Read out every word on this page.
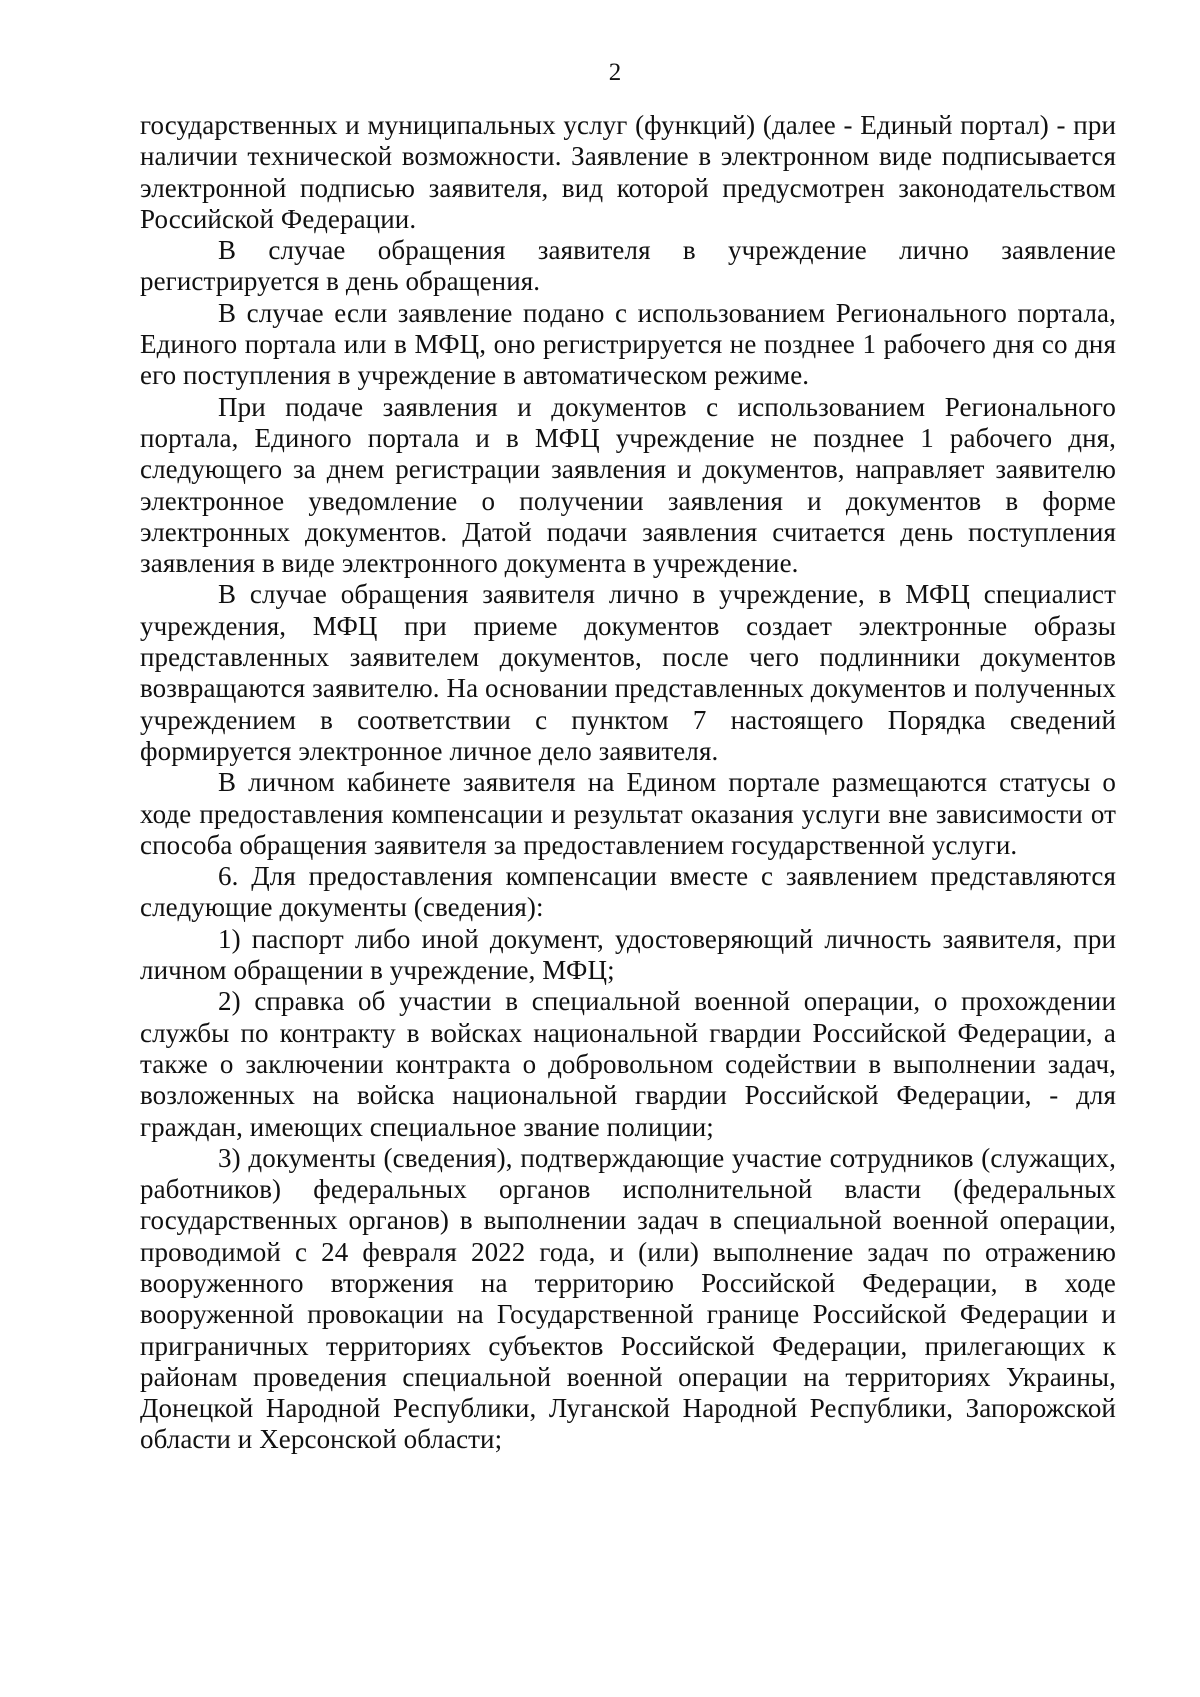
2

государственных и муниципальных услуг (функций) (далее - Единый портал) - при наличии технической возможности. Заявление в электронном виде подписывается электронной подписью заявителя, вид которой предусмотрен законодательством Российской Федерации.

В случае обращения заявителя в учреждение лично заявление регистрируется в день обращения.

В случае если заявление подано с использованием Регионального портала, Единого портала или в МФЦ, оно регистрируется не позднее 1 рабочего дня со дня его поступления в учреждение в автоматическом режиме.

При подаче заявления и документов с использованием Регионального портала, Единого портала и в МФЦ учреждение не позднее 1 рабочего дня, следующего за днем регистрации заявления и документов, направляет заявителю электронное уведомление о получении заявления и документов в форме электронных документов. Датой подачи заявления считается день поступления заявления в виде электронного документа в учреждение.

В случае обращения заявителя лично в учреждение, в МФЦ специалист учреждения, МФЦ при приеме документов создает электронные образы представленных заявителем документов, после чего подлинники документов возвращаются заявителю. На основании представленных документов и полученных учреждением в соответствии с пунктом 7 настоящего Порядка сведений формируется электронное личное дело заявителя.

В личном кабинете заявителя на Едином портале размещаются статусы о ходе предоставления компенсации и результат оказания услуги вне зависимости от способа обращения заявителя за предоставлением государственной услуги.

6. Для предоставления компенсации вместе с заявлением представляются следующие документы (сведения):

1) паспорт либо иной документ, удостоверяющий личность заявителя, при личном обращении в учреждение, МФЦ;

2) справка об участии в специальной военной операции, о прохождении службы по контракту в войсках национальной гвардии Российской Федерации, а также о заключении контракта о добровольном содействии в выполнении задач, возложенных на войска национальной гвардии Российской Федерации, - для граждан, имеющих специальное звание полиции;

3) документы (сведения), подтверждающие участие сотрудников (служащих, работников) федеральных органов исполнительной власти (федеральных государственных органов) в выполнении задач в специальной военной операции, проводимой с 24 февраля 2022 года, и (или) выполнение задач по отражению вооруженного вторжения на территорию Российской Федерации, в ходе вооруженной провокации на Государственной границе Российской Федерации и приграничных территориях субъектов Российской Федерации, прилегающих к районам проведения специальной военной операции на территориях Украины, Донецкой Народной Республики, Луганской Народной Республики, Запорожской области и Херсонской области;
